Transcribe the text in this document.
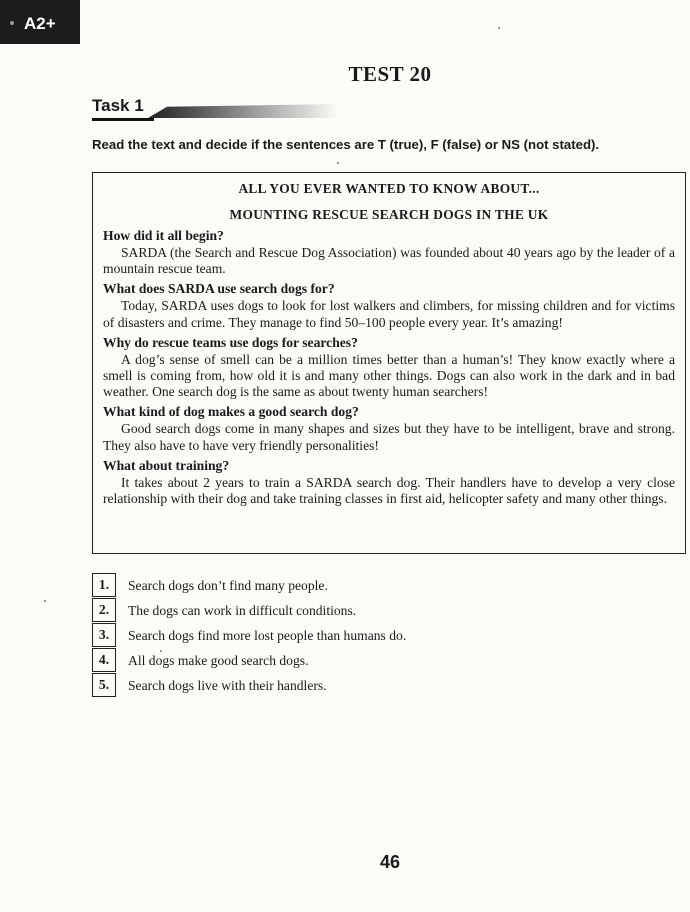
A2+
TEST 20
Task 1
Read the text and decide if the sentences are T (true), F (false) or NS (not stated).
ALL YOU EVER WANTED TO KNOW ABOUT...
MOUNTING RESCUE SEARCH DOGS IN THE UK
How did it all begin?

SARDA (the Search and Rescue Dog Association) was founded about 40 years ago by the leader of a mountain rescue team.

What does SARDA use search dogs for?

Today, SARDA uses dogs to look for lost walkers and climbers, for missing children and for victims of disasters and crime. They manage to find 50–100 people every year. It’s amazing!

Why do rescue teams use dogs for searches?

A dog’s sense of smell can be a million times better than a human’s! They know exactly where a smell is coming from, how old it is and many other things. Dogs can also work in the dark and in bad weather. One search dog is the same as about twenty human searchers!

What kind of dog makes a good search dog?

Good search dogs come in many shapes and sizes but they have to be intelligent, brave and strong. They also have to have very friendly personalities!

What about training?

It takes about 2 years to train a SARDA search dog. Their handlers have to develop a very close relationship with their dog and take training classes in first aid, helicopter safety and many other things.

1.	Search dogs don’t find many people.
2.	The dogs can work in difficult conditions.
3.	Search dogs find more lost people than humans do.
4.	All dogs make good search dogs.
5.	Search dogs live with their handlers.
46
